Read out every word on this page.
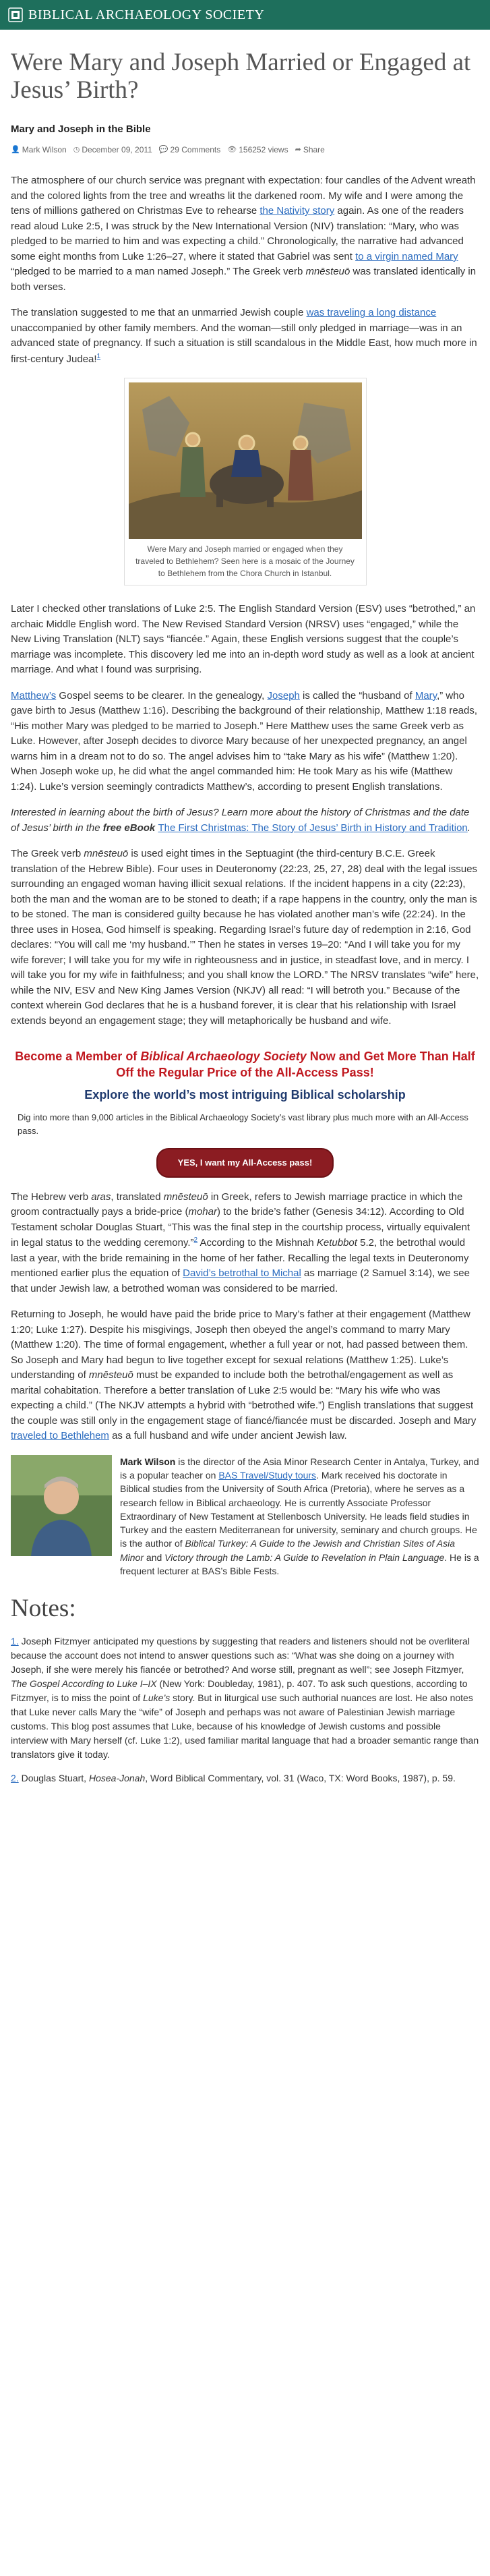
BIBLICAL ARCHAEOLOGY SOCIETY
Were Mary and Joseph Married or Engaged at Jesus’ Birth?
Mary and Joseph in the Bible
👤 Mark Wilson ◷ December 09, 2011 💬 29 Comments 👁 156252 views ➦ Share

The atmosphere of our church service was pregnant with expectation: four candles of the Advent wreath and the colored lights from the tree and wreaths lit the darkened room. My wife and I were among the tens of millions gathered on Christmas Eve to rehearse the Nativity story again. As one of the readers read aloud Luke 2:5, I was struck by the New International Version (NIV) translation: “Mary, who was pledged to be married to him and was expecting a child.” Chronologically, the narrative had advanced some eight months from Luke 1:26–27, where it stated that Gabriel was sent to a virgin named Mary “pledged to be married to a man named Joseph.” The Greek verb mnēsteuō was translated identically in both verses.

The translation suggested to me that an unmarried Jewish couple was traveling a long distance unaccompanied by other family members. And the woman—still only pledged in marriage—was in an advanced state of pregnancy. If such a situation is still scandalous in the Middle East, how much more in first-century Judea!$^1$

Were Mary and Joseph married or engaged when they traveled to Bethlehem? Seen here is a mosaic of the Journey to Bethlehem from the Chora Church in Istanbul.

Later I checked other translations of Luke 2:5. The English Standard Version (ESV) uses “betrothed,” an archaic Middle English word. The New Revised Standard Version (NRSV) uses “engaged,” while the New Living Translation (NLT) says “fiancée.” Again, these English versions suggest that the couple’s marriage was incomplete. This discovery led me into an in-depth word study as well as a look at ancient marriage. And what I found was surprising.

Matthew’s Gospel seems to be clearer. In the genealogy, Joseph is called the “husband of Mary,” who gave birth to Jesus (Matthew 1:16). Describing the background of their relationship, Matthew 1:18 reads, “His mother Mary was pledged to be married to Joseph.” Here Matthew uses the same Greek verb as Luke. However, after Joseph decides to divorce Mary because of her unexpected pregnancy, an angel warns him in a dream not to do so. The angel advises him to “take Mary as his wife” (Matthew 1:20). When Joseph woke up, he did what the angel commanded him: He took Mary as his wife (Matthew 1:24). Luke’s version seemingly contradicts Matthew’s, according to present English translations.

Interested in learning about the birth of Jesus? Learn more about the history of Christmas and the date of Jesus’ birth in the free eBook The First Christmas: The Story of Jesus’ Birth in History and Tradition.

The Greek verb mnēsteuō is used eight times in the Septuagint (the third-century B.C.E. Greek translation of the Hebrew Bible). Four uses in Deuteronomy (22:23, 25, 27, 28) deal with the legal issues surrounding an engaged woman having illicit sexual relations. If the incident happens in a city (22:23), both the man and the woman are to be stoned to death; if a rape happens in the country, only the man is to be stoned. The man is considered guilty because he has violated another man’s wife (22:24). In the three uses in Hosea, God himself is speaking. Regarding Israel’s future day of redemption in 2:16, God declares: “You will call me ‘my husband.’” Then he states in verses 19–20: “And I will take you for my wife forever; I will take you for my wife in righteousness and in justice, in steadfast love, and in mercy. I will take you for my wife in faithfulness; and you shall know the LORD.” The NRSV translates “wife” here, while the NIV, ESV and New King James Version (NKJV) all read: “I will betroth you.” Because of the context wherein God declares that he is a husband forever, it is clear that his relationship with Israel extends beyond an engagement stage; they will metaphorically be husband and wife.

Become a Member of Biblical Archaeology Society Now and Get More Than Half Off the Regular Price of the All-Access Pass!
Explore the world’s most intriguing Biblical scholarship
Dig into more than 9,000 articles in the Biblical Archaeology Society’s vast library plus much more with an All-Access pass.
YES, I want my All-Access pass!

The Hebrew verb aras, translated mnēsteuō in Greek, refers to Jewish marriage practice in which the groom contractually pays a bride-price (mohar) to the bride’s father (Genesis 34:12). According to Old Testament scholar Douglas Stuart, “This was the final step in the courtship process, virtually equivalent in legal status to the wedding ceremony.”$^2$ According to the Mishnah Ketubbot 5.2, the betrothal would last a year, with the bride remaining in the home of her father. Recalling the legal texts in Deuteronomy mentioned earlier plus the equation of David’s betrothal to Michal as marriage (2 Samuel 3:14), we see that under Jewish law, a betrothed woman was considered to be married.

Returning to Joseph, he would have paid the bride price to Mary’s father at their engagement (Matthew 1:20; Luke 1:27). Despite his misgivings, Joseph then obeyed the angel’s command to marry Mary (Matthew 1:20). The time of formal engagement, whether a full year or not, had passed between them. So Joseph and Mary had begun to live together except for sexual relations (Matthew 1:25). Luke’s understanding of mnēsteuō must be expanded to include both the betrothal/engagement as well as marital cohabitation. Therefore a better translation of Luke 2:5 would be: “Mary his wife who was expecting a child.” (The NKJV attempts a hybrid with “betrothed wife.”) English translations that suggest the couple was still only in the engagement stage of fiancé/fiancée must be discarded. Joseph and Mary traveled to Bethlehem as a full husband and wife under ancient Jewish law.

Mark Wilson is the director of the Asia Minor Research Center in Antalya, Turkey, and is a popular teacher on BAS Travel/Study tours. Mark received his doctorate in Biblical studies from the University of South Africa (Pretoria), where he serves as a research fellow in Biblical archaeology. He is currently Associate Professor Extraordinary of New Testament at Stellenbosch University. He leads field studies in Turkey and the eastern Mediterranean for university, seminary and church groups. He is the author of Biblical Turkey: A Guide to the Jewish and Christian Sites of Asia Minor and Victory through the Lamb: A Guide to Revelation in Plain Language. He is a frequent lecturer at BAS’s Bible Fests.
Notes:

1. Joseph Fitzmyer anticipated my questions by suggesting that readers and listeners should not be overliteral because the account does not intend to answer questions such as: “What was she doing on a journey with Joseph, if she were merely his fiancée or betrothed? And worse still, pregnant as well”; see Joseph Fitzmyer, The Gospel According to Luke I–IX (New York: Doubleday, 1981), p. 407. To ask such questions, according to Fitzmyer, is to miss the point of Luke’s story. But in liturgical use such authorial nuances are lost. He also notes that Luke never calls Mary the “wife” of Joseph and perhaps was not aware of Palestinian Jewish marriage customs. This blog post assumes that Luke, because of his knowledge of Jewish customs and possible interview with Mary herself (cf. Luke 1:2), used familiar marital language that had a broader semantic range than translators give it today.

2. Douglas Stuart, Hosea-Jonah, Word Biblical Commentary, vol. 31 (Waco, TX: Word Books, 1987), p. 59.
